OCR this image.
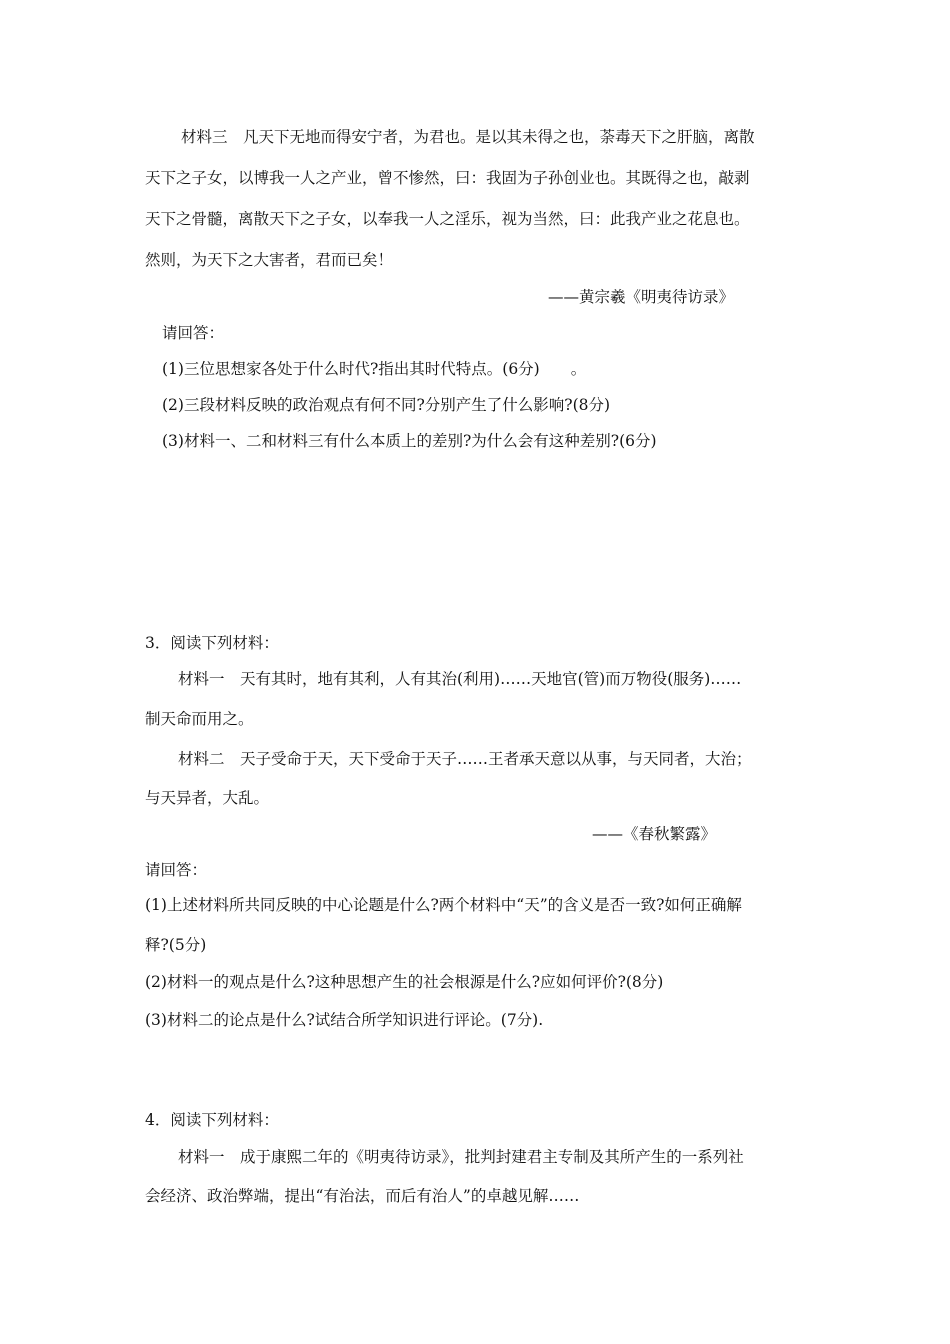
材料三　凡天下无地而得安宁者，为君也。是以其未得之也，荼毒天下之肝脑，离散
天下之子女，以博我一人之产业，曾不惨然，曰：我固为子孙创业也。其既得之也，敲剥
天下之骨髓，离散天下之子女，以奉我一人之淫乐，视为当然，曰：此我产业之花息也。
然则，为天下之大害者，君而已矣！
——黄宗羲《明夷待访录》
请回答：
(1)三位思想家各处于什么时代?指出其时代特点。(6分)　　。
(2)三段材料反映的政治观点有何不同?分别产生了什么影响?(8分)
(3)材料一、二和材料三有什么本质上的差别?为什么会有这种差别?(6分)
3．阅读下列材料：
材料一　天有其时，地有其利，人有其治(利用)……天地官(管)而万物役(服务)……
制天命而用之。
材料二　天子受命于天，天下受命于天子……王者承天意以从事，与天同者，大治；
与天异者，大乱。
——《春秋繁露》
请回答：
(1)上述材料所共同反映的中心论题是什么?两个材料中“天”的含义是否一致?如何正确解
释?(5分)
(2)材料一的观点是什么?这种思想产生的社会根源是什么?应如何评价?(8分)
(3)材料二的论点是什么?试结合所学知识进行评论。(7分).
4．阅读下列材料：
材料一　成于康熙二年的《明夷待访录》，批判封建君主专制及其所产生的一系列社
会经济、政治弊端，提出“有治法，而后有治人”的卓越见解……
